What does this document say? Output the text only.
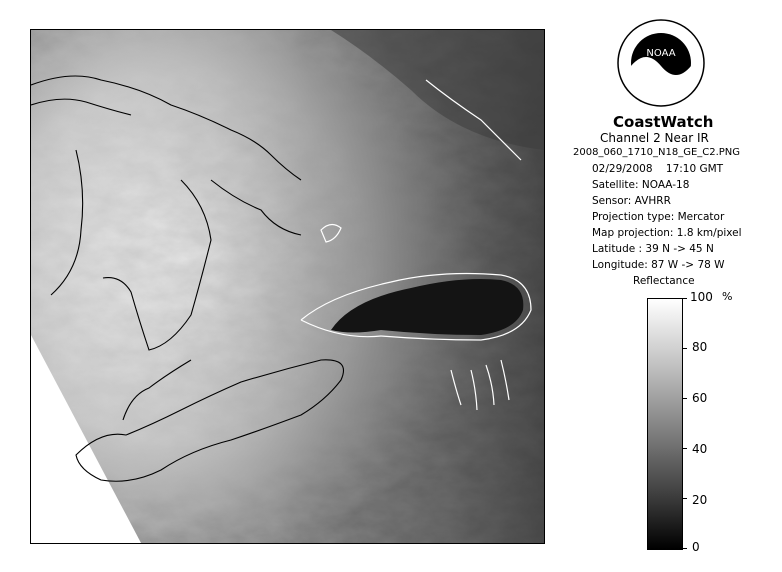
NOAA
CoastWatch
Channel 2 Near IR
2008_060_1710_N18_GE_C2.PNG
02/29/2008 17:10 GMT
Satellite: NOAA-18
Sensor: AVHRR
Projection type: Mercator
Map projection: 1.8 km/pixel
Latitude : 39 N -> 45 N
Longitude: 87 W -> 78 W
Reflectance
100 %
80
60
40
20
0
